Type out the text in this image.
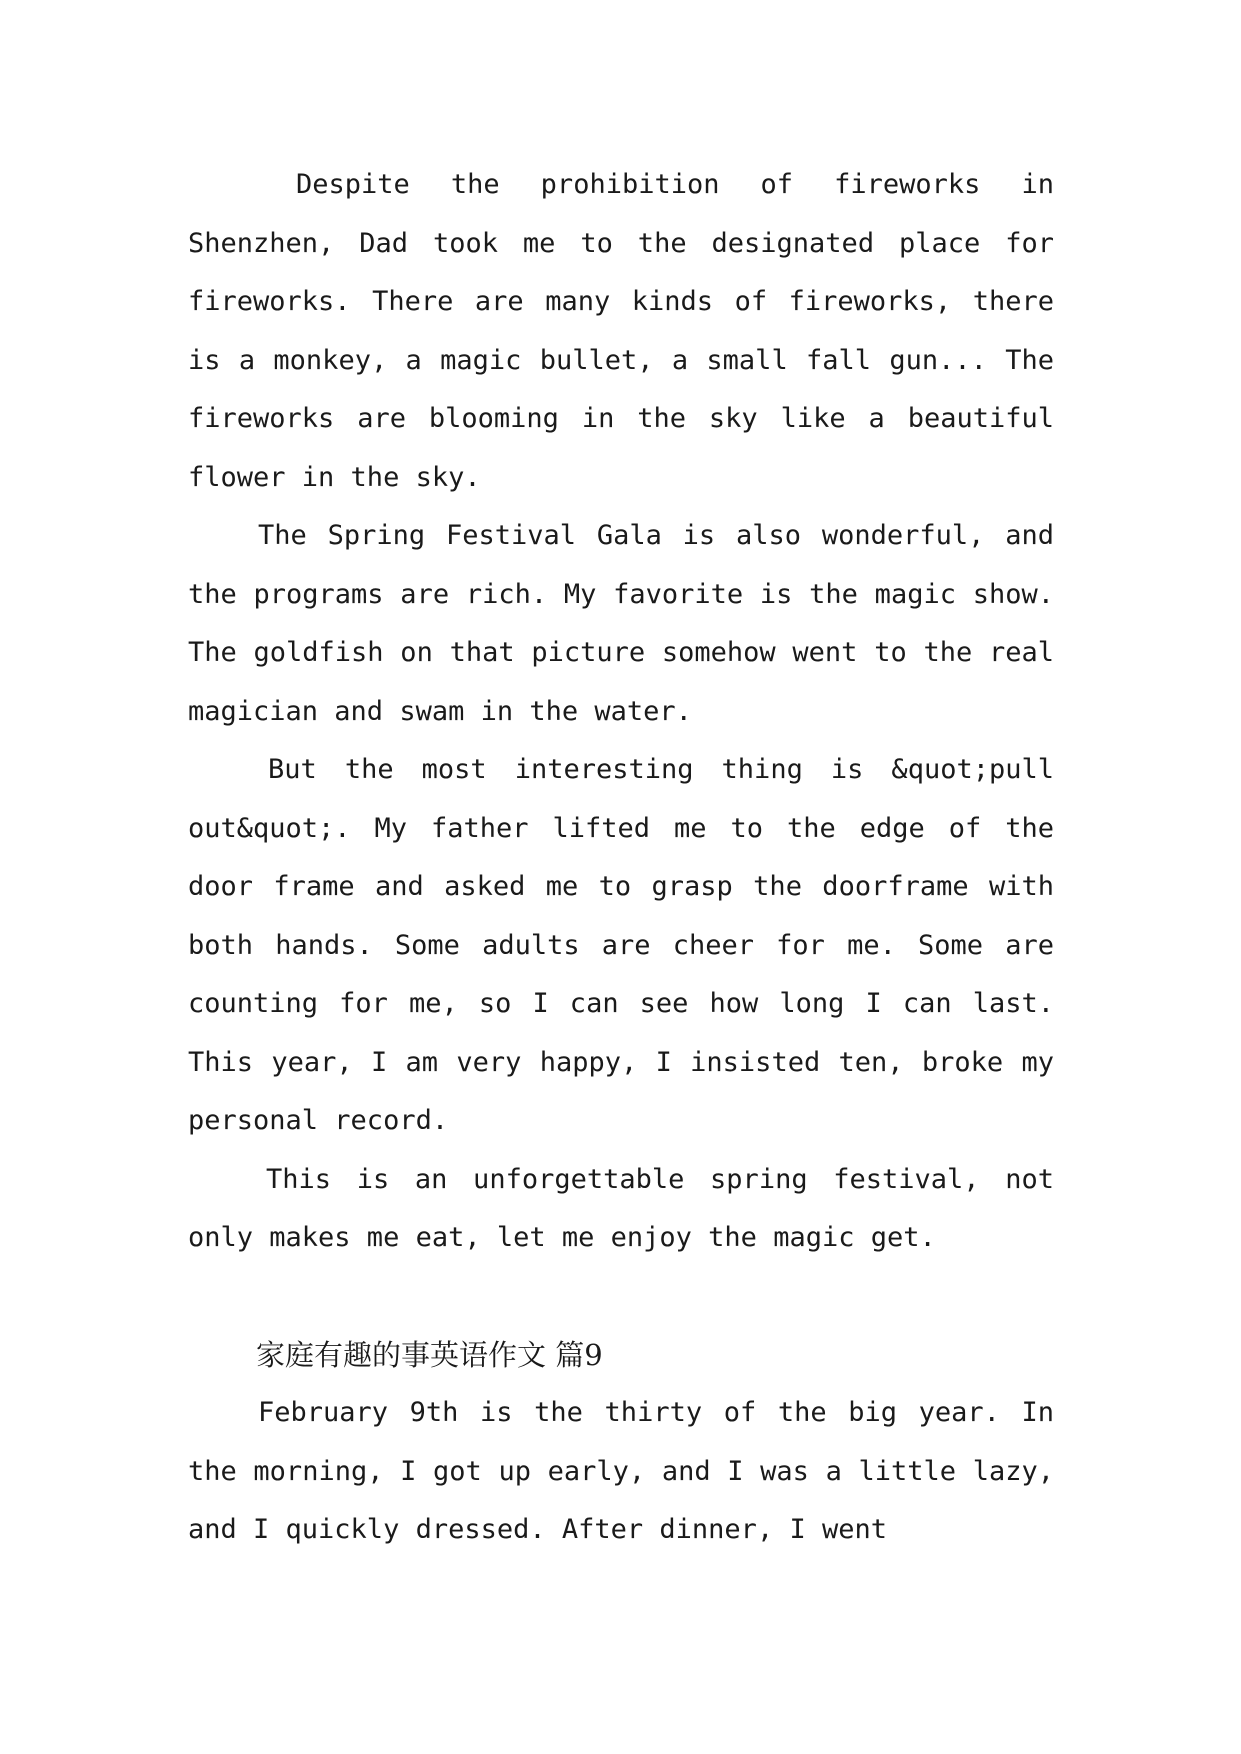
Despite the prohibition of fireworks in Shenzhen, Dad took me to the designated place for fireworks. There are many kinds of fireworks, there is a monkey, a magic bullet, a small fall gun... The fireworks are blooming in the sky like a beautiful flower in the sky.

The Spring Festival Gala is also wonderful, and the programs are rich. My favorite is the magic show. The goldfish on that picture somehow went to the real magician and swam in the water.

But the most interesting thing is &quot;pull out&quot;. My father lifted me to the edge of the door frame and asked me to grasp the doorframe with both hands. Some adults are cheer for me. Some are counting for me, so I can see how long I can last. This year, I am very happy, I insisted ten, broke my personal record.

This is an unforgettable spring festival, not only makes me eat, let me enjoy the magic get.

家庭有趣的事英语作文 篇9

February 9th is the thirty of the big year. In the morning, I got up early, and I was a little lazy, and I quickly dressed. After dinner, I went
